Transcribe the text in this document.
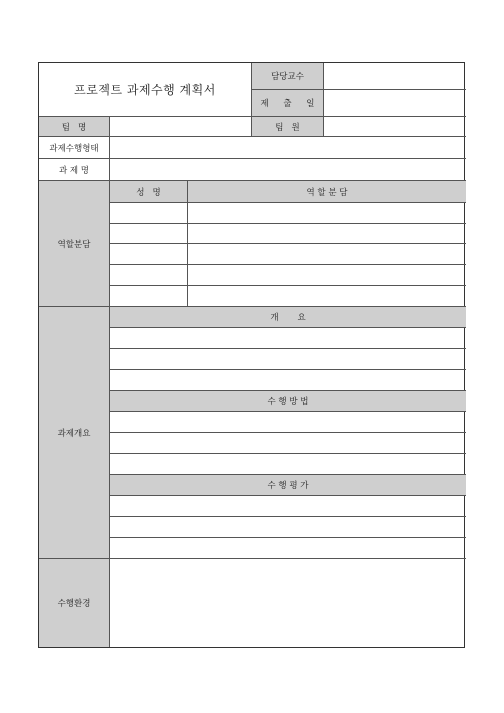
프로젝트 과제수행 계획서
담당교수
제 출 일
팀   명	팀   원
과제수행형태
과 제 명
역할분담
성   명	역 할 분 담
과제개요
개       요
수 행 방 법
수 행 평 가
수행환경
